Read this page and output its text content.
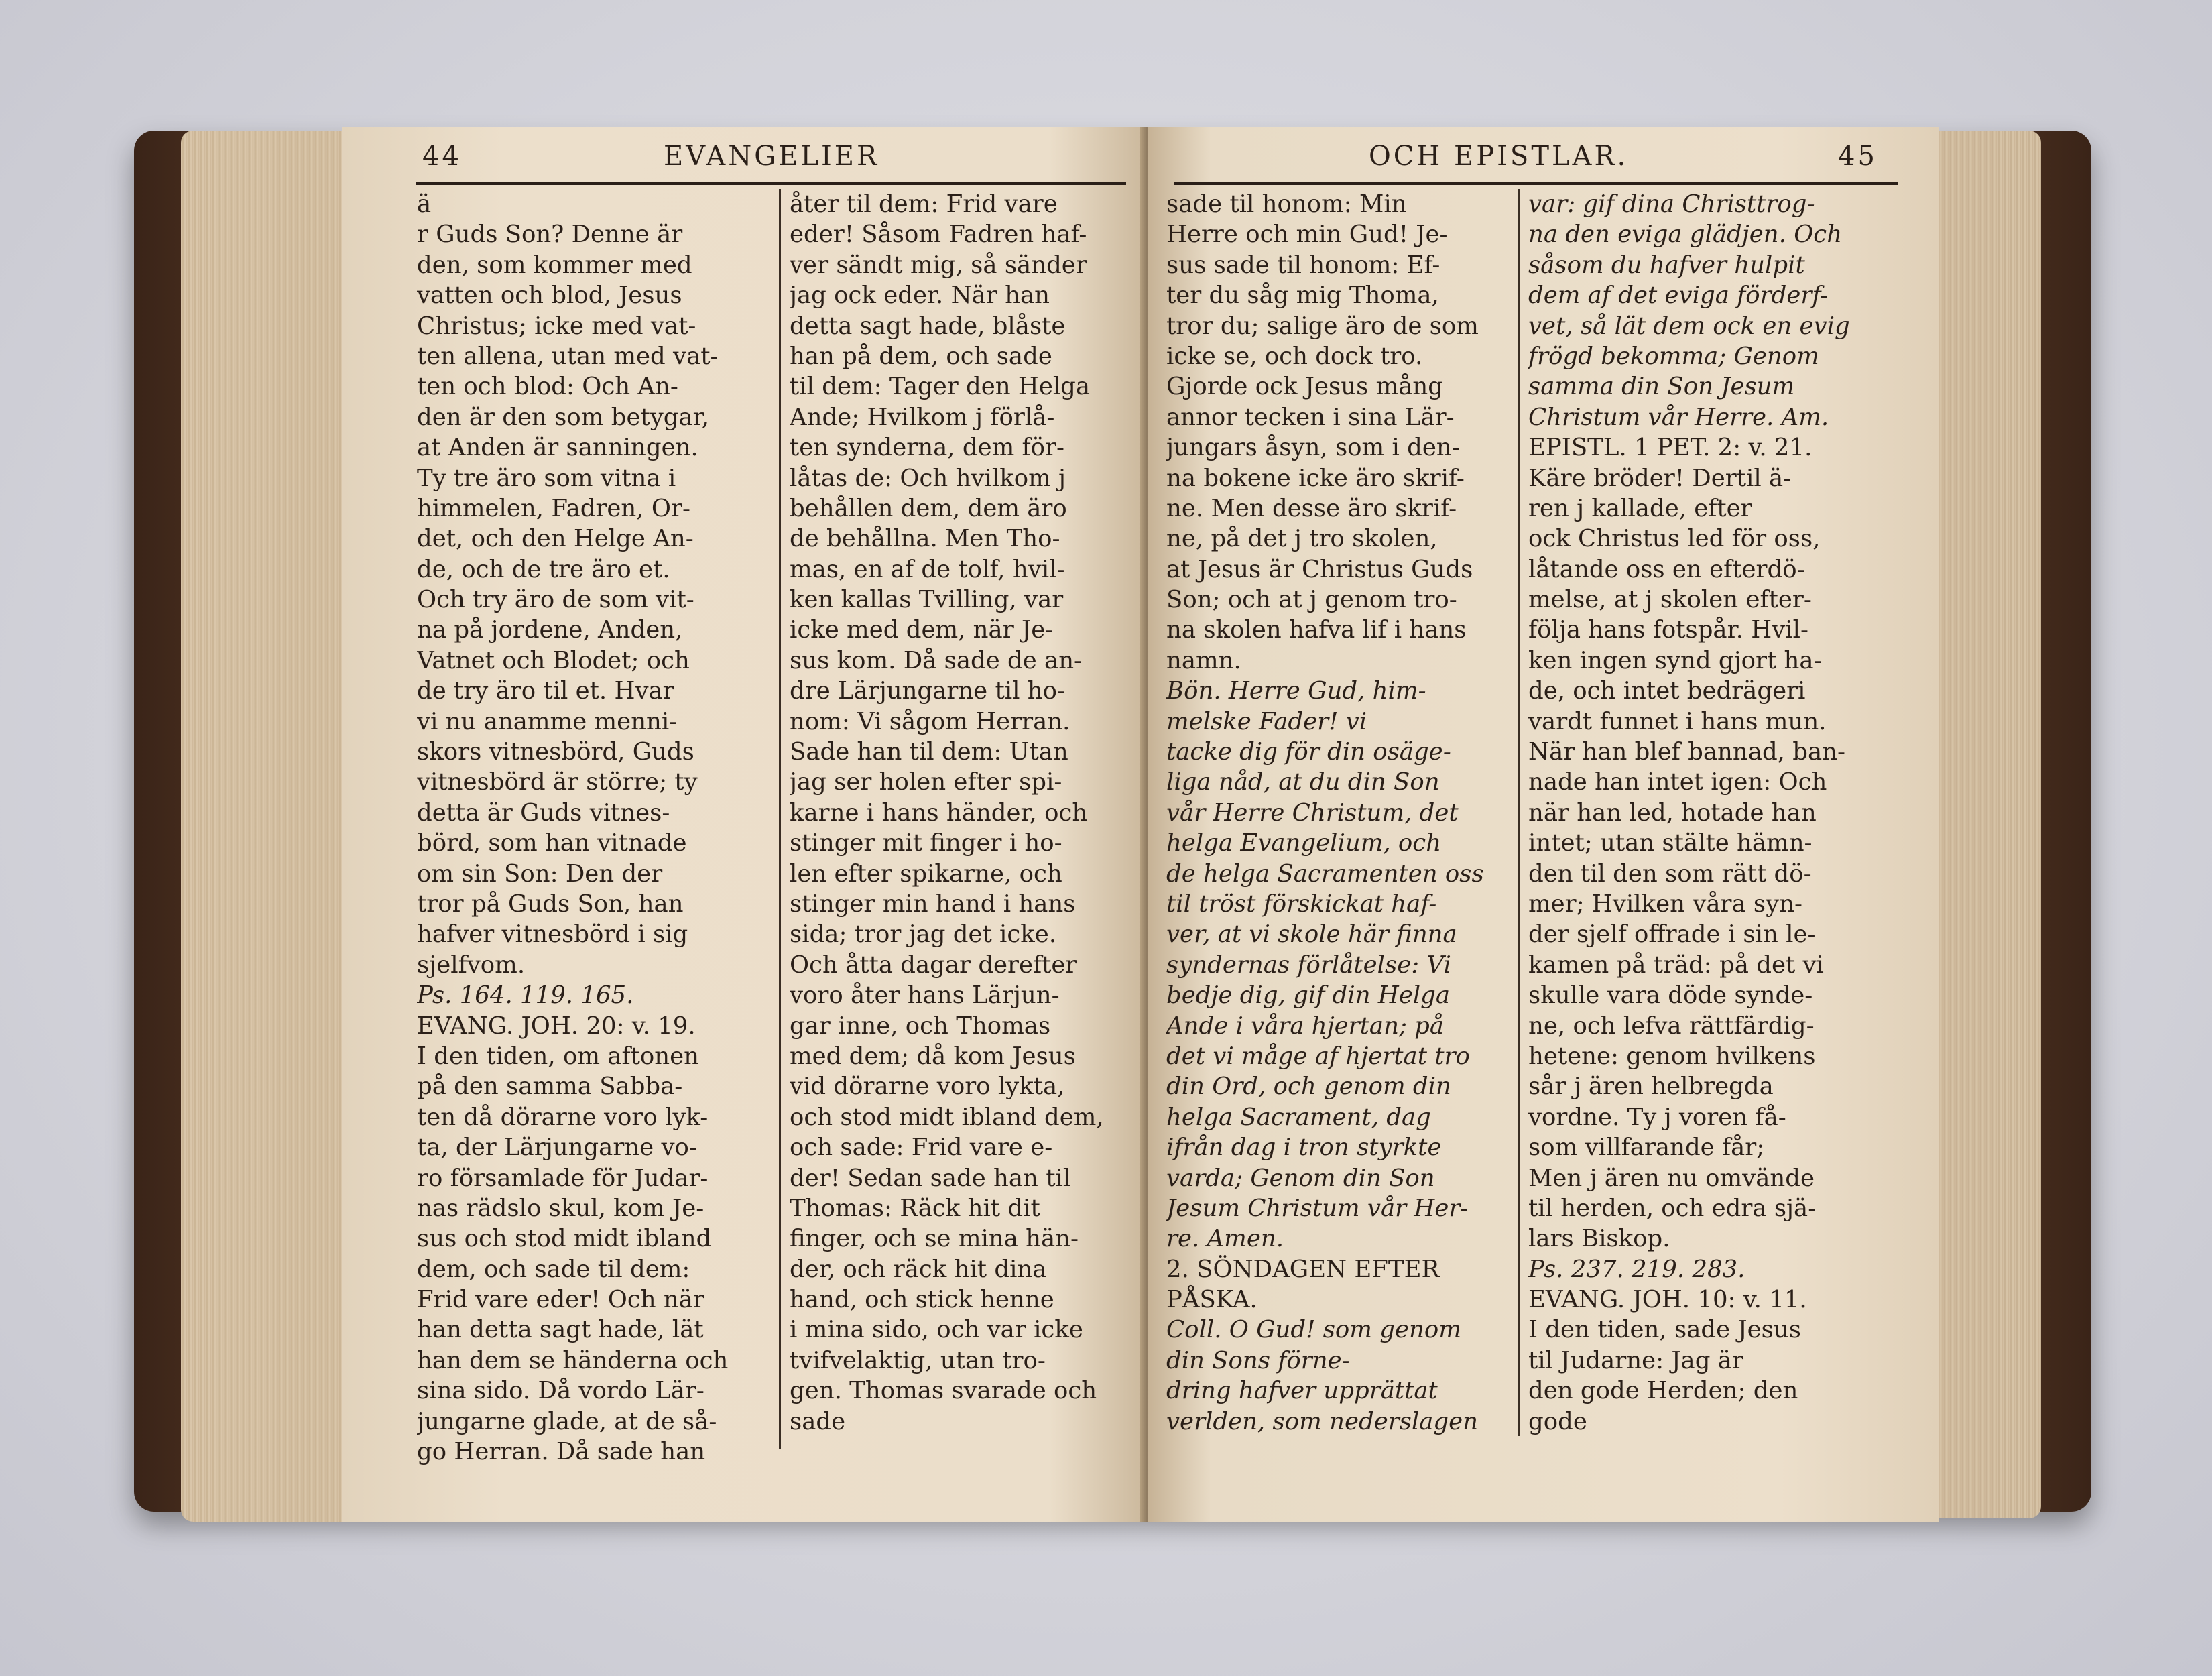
44	EVANGELIER
ä
r Guds Son? Denne är
den, som kommer med
vatten och blod, Jesus
Christus; icke med vat-
ten allena, utan med vat-
ten och blod: Och An-
den är den som betygar,
at Anden är sanningen.
Ty tre äro som vitna i
himmelen, Fadren, Or-
det, och den Helge An-
de, och de tre äro et.
Och try äro de som vit-
na på jordene, Anden,
Vatnet och Blodet; och
de try äro til et. Hvar
vi nu anamme menni-
skors vitnesbörd, Guds
vitnesbörd är större; ty
detta är Guds vitnes-
börd, som han vitnade
om sin Son: Den der
tror på Guds Son, han
hafver vitnesbörd i sig
sjelfvom.
Ps. 164. 119. 165.
EVANG. JOH. 20: v. 19.
I den tiden, om aftonen
på den samma Sabba-
ten då dörarne voro lyk-
ta, der Lärjungarne vo-
ro församlade för Judar-
nas rädslo skul, kom Je-
sus och stod midt ibland
dem, och sade til dem:
Frid vare eder! Och när
han detta sagt hade, lät
han dem se händerna och
sina sido. Då vordo Lär-
jungarne glade, at de så-
go Herran. Då sade han
åter til dem: Frid vare
eder! Såsom Fadren haf-
ver sändt mig, så sänder
jag ock eder. När han
detta sagt hade, blåste
han på dem, och sade
til dem: Tager den Helga
Ande; Hvilkom j förlå-
ten synderna, dem för-
låtas de: Och hvilkom j
behållen dem, dem äro
de behållna. Men Tho-
mas, en af de tolf, hvil-
ken kallas Tvilling, var
icke med dem, när Je-
sus kom. Då sade de an-
dre Lärjungarne til ho-
nom: Vi sågom Herran.
Sade han til dem: Utan
jag ser holen efter spi-
karne i hans händer, och
stinger mit finger i ho-
len efter spikarne, och
stinger min hand i hans
sida; tror jag det icke.
Och åtta dagar derefter
voro åter hans Lärjun-
gar inne, och Thomas
med dem; då kom Jesus
vid dörarne voro lykta,
och stod midt ibland dem,
och sade: Frid vare e-
der! Sedan sade han til
Thomas: Räck hit dit
finger, och se mina hän-
der, och räck hit dina
hand, och stick henne
i mina sido, och var icke
tvifvelaktig, utan tro-
gen. Thomas svarade och
sade
OCH EPISTLAR.	45
sade til honom: Min
Herre och min Gud! Je-
sus sade til honom: Ef-
ter du såg mig Thoma,
tror du; salige äro de som
icke se, och dock tro.
Gjorde ock Jesus mång
annor tecken i sina Lär-
jungars åsyn, som i den-
na bokene icke äro skrif-
ne. Men desse äro skrif-
ne, på det j tro skolen,
at Jesus är Christus Guds
Son; och at j genom tro-
na skolen hafva lif i hans
namn.
Bön. Herre Gud, him-
melske Fader! vi
tacke dig för din osäge-
liga nåd, at du din Son
vår Herre Christum, det
helga Evangelium, och
de helga Sacramenten oss
til tröst förskickat haf-
ver, at vi skole här finna
syndernas förlåtelse: Vi
bedje dig, gif din Helga
Ande i våra hjertan; på
det vi måge af hjertat tro
din Ord, och genom din
helga Sacrament, dag
ifrån dag i tron styrkte
varda; Genom din Son
Jesum Christum vår Her-
re. Amen.
2. SÖNDAGEN EFTER
PÅSKA.
Coll. O Gud! som genom
din Sons förne-
dring hafver upprättat
verlden, som nederslagen
var: gif dina Christtrog-
na den eviga glädjen. Och
såsom du hafver hulpit
dem af det eviga förderf-
vet, så lät dem ock en evig
frögd bekomma; Genom
samma din Son Jesum
Christum vår Herre. Am.
EPISTL. 1 PET. 2: v. 21.
Käre bröder! Dertil ä-
ren j kallade, efter
ock Christus led för oss,
låtande oss en efterdö-
melse, at j skolen efter-
följa hans fotspår. Hvil-
ken ingen synd gjort ha-
de, och intet bedrägeri
vardt funnet i hans mun.
När han blef bannad, ban-
nade han intet igen: Och
när han led, hotade han
intet; utan stälte hämn-
den til den som rätt dö-
mer; Hvilken våra syn-
der sjelf offrade i sin le-
kamen på träd: på det vi
skulle vara döde synde-
ne, och lefva rättfärdig-
hetene: genom hvilkens
sår j ären helbregda
vordne. Ty j voren få-
som villfarande får;
Men j ären nu omvände
til herden, och edra sjä-
lars Biskop.
Ps. 237. 219. 283.
EVANG. JOH. 10: v. 11.
I den tiden, sade Jesus
til Judarne: Jag är
den gode Herden; den
gode
